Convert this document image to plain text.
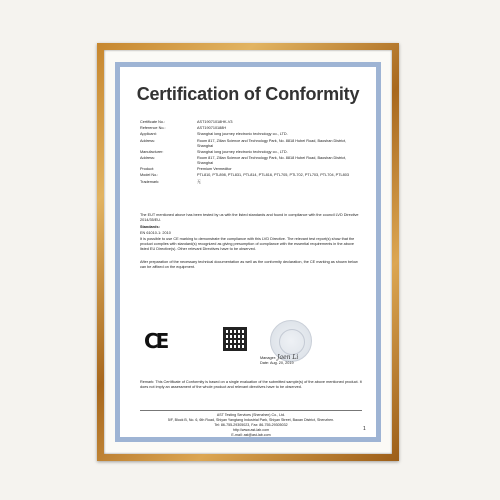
Certification of Conformity
Certificate No.:	AST19071018HK-V3
Reference No.:	AST190710188H
Applicant:	Shanghai long journey electronic technology co., LTD.
Address:	Room 817, Zilian Science and Technology Park, No. 8818 Hubei Road, Baoshan District, Shanghai
Manufacturer:	Shanghai long journey electronic technology co., LTD.
Address:	Room 817, Zilian Science and Technology Park, No. 8818 Hubei Road, Baoshan District, Shanghai
Product:	Premium Vermeditor
Model No.:	PTL810, PTL898, PTL831, PTL814, PTL816, PTL705, PTL702, PTL703, PTL704, PTL803
Trademark:	无
The EUT mentioned above has been tested by us with the listed standards and found in compliance with the council LVD Directive 2014/35/EU.
Standards:
EN 61010-1: 2010
It is possible to use CE marking to demonstrate the compliance with this LVD Directive. The relevant test report(s) show that the product complies with standard(s) recognized as giving presumption of compliance with the essential requirements in the above listed EU Directive(s). Other relevant Directives have to be observed.
After preparation of the necessary technical documentation as well as the conformity declaration, the CE marking as shown below can be affixed on the equipment.
CE
Manager: Jaen Li
Date: Aug. 20, 2019
Remark: This Certificate of Conformity is based on a single evaluation of the submitted sample(s) of the above mentioned product. It does not imply an assessment of the whole product and relevant directives have to be observed.
AST Testing Services (Shenzhen) Co., Ltd.
5/F, Block B, No. 6, 6th Road, Shiyan Yangtang Industrial Park, Shiyan Street, Baoan District, Shenzhen.
Tel: 86-755-29305023, Fax: 86-755-29305032
http://www.ast-lab.com
E-mail: ast@ast-lab.com
1
